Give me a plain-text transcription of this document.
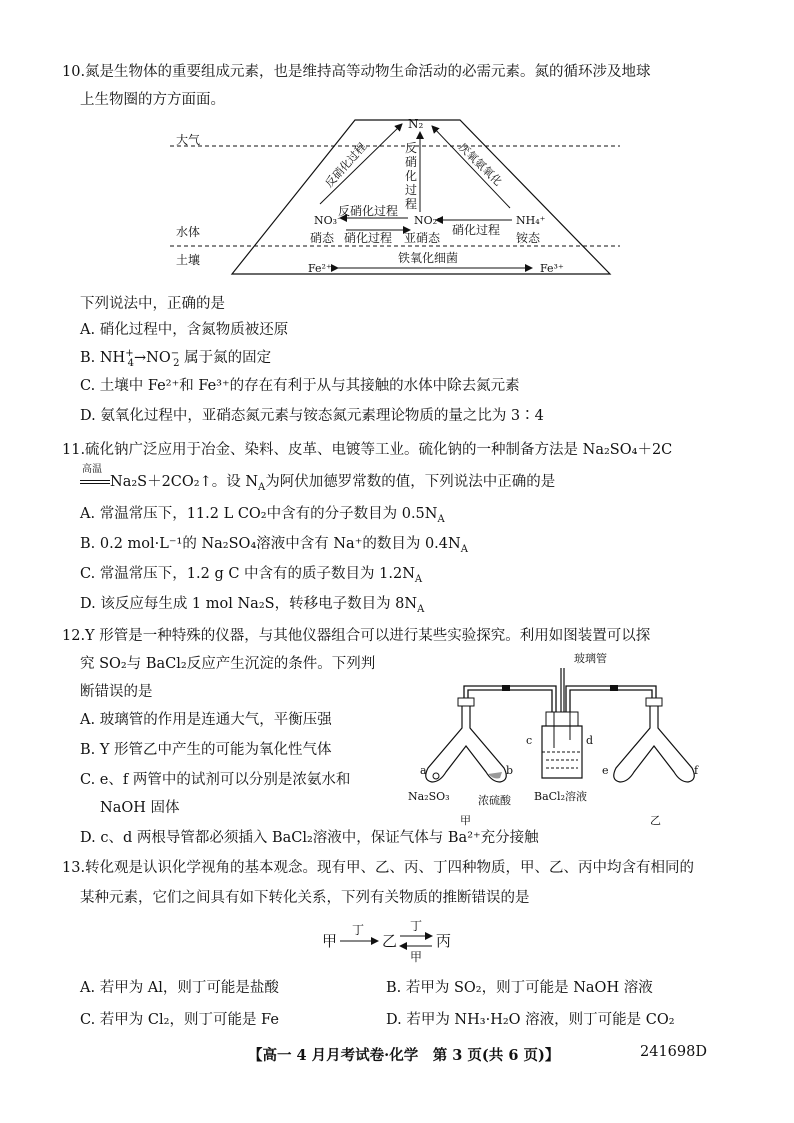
10.氮是生物体的重要组成元素，也是维持高等动物生命活动的必需元素。氮的循环涉及地球
上生物圈的方方面面。
大气
水体
土壤
N₂
反硝化过程	厌氧氨氧化
反硝化过程
NO₃⁻	NO₂⁻	NH₄⁺
反硝化过程
硝化过程
硝化过程
硝态	亚硝态	铵态
Fe²⁺	Fe³⁺
铁氧化细菌
下列说法中，正确的是
A. 硝化过程中，含氮物质被还原
B. $NH^+_4\to NO^-_2$ 属于氮的固定
C. 土壤中 Fe²⁺和 Fe³⁺的存在有利于从与其接触的水体中除去氮元素
D. 氨氧化过程中，亚硝态氮元素与铵态氮元素理论物质的量之比为 3∶4
11.硫化钠广泛应用于冶金、染料、皮革、电镀等工业。硫化钠的一种制备方法是 Na₂SO₄＋2C
高温
Na₂S＋2CO₂↑。设 $N_A$为阿伏加德罗常数的值，下列说法中正确的是
A. 常温常压下，11.2 L CO₂中含有的分子数目为 $0.5N_A$
B. 0.2 mol·L⁻¹的 Na₂SO₄溶液中含有 Na⁺的数目为 $0.4N_A$
C. 常温常压下，1.2 g C 中含有的质子数目为 $1.2N_A$
D. 该反应每生成 1 mol Na₂S，转移电子数目为 $8N_A$
12.Y 形管是一种特殊的仪器，与其他仪器组合可以进行某些实验探究。利用如图装置可以探
究 SO₂与 BaCl₂反应产生沉淀的条件。下列判
断错误的是
A. 玻璃管的作用是连通大气，平衡压强
B. Y 形管乙中产生的可能为氧化性气体
C. e、f 两管中的试剂可以分别是浓氨水和
NaOH 固体
D. c、d 两根导管都必须插入 BaCl₂溶液中，保证气体与 Ba²⁺充分接触
玻璃管
a	b
Na₂SO₃	浓硫酸
甲
c	d
BaCl₂溶液
e	f
乙
13.转化观是认识化学视角的基本观念。现有甲、乙、丙、丁四种物质，甲、乙、丙中均含有相同的
某种元素，它们之间具有如下转化关系，下列有关物质的推断错误的是
甲
丁
乙
丁
甲
丙
A. 若甲为 Al，则丁可能是盐酸	B. 若甲为 SO₂，则丁可能是 NaOH 溶液
C. 若甲为 Cl₂，则丁可能是 Fe	D. 若甲为 NH₃·H₂O 溶液，则丁可能是 CO₂
【高一 4 月月考试卷·化学　第 3 页(共 6 页)】	241698D
